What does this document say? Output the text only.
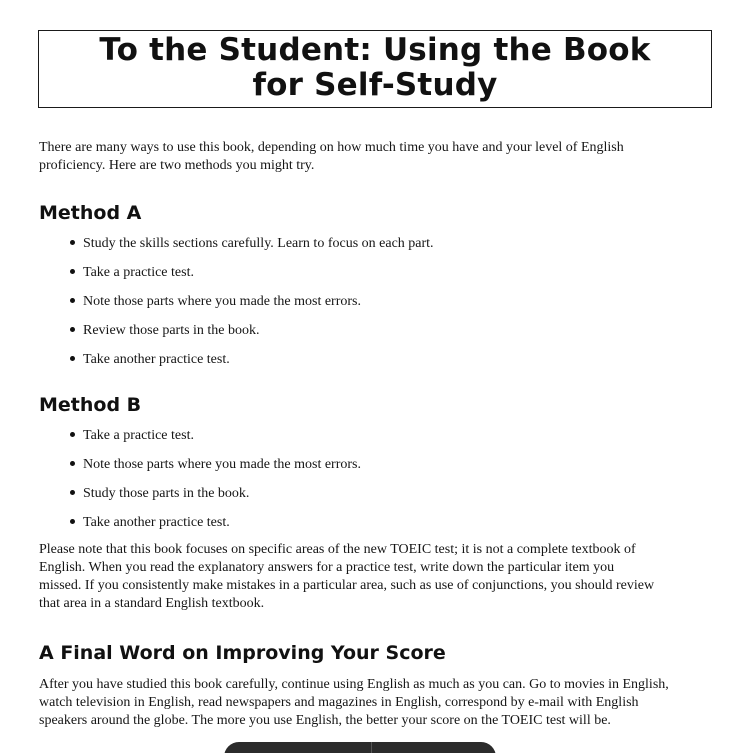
To the Student: Using the Book
for Self-Study

There are many ways to use this book, depending on how much time you have and your level of English proficiency. Here are two methods you might try.

Method A
Study the skills sections carefully. Learn to focus on each part.
Take a practice test.
Note those parts where you made the most errors.
Review those parts in the book.
Take another practice test.
Method B
Take a practice test.
Note those parts where you made the most errors.
Study those parts in the book.
Take another practice test.

Please note that this book focuses on specific areas of the new TOEIC test; it is not a complete textbook of English. When you read the explanatory answers for a practice test, write down the particular item you missed. If you consistently make mistakes in a particular area, such as use of conjunctions, you should review that area in a standard English textbook.

A Final Word on Improving Your Score

After you have studied this book carefully, continue using English as much as you can. Go to movies in English, watch television in English, read newspapers and magazines in English, correspond by e-mail with English speakers around the globe. The more you use English, the better your score on the TOEIC test will be.
